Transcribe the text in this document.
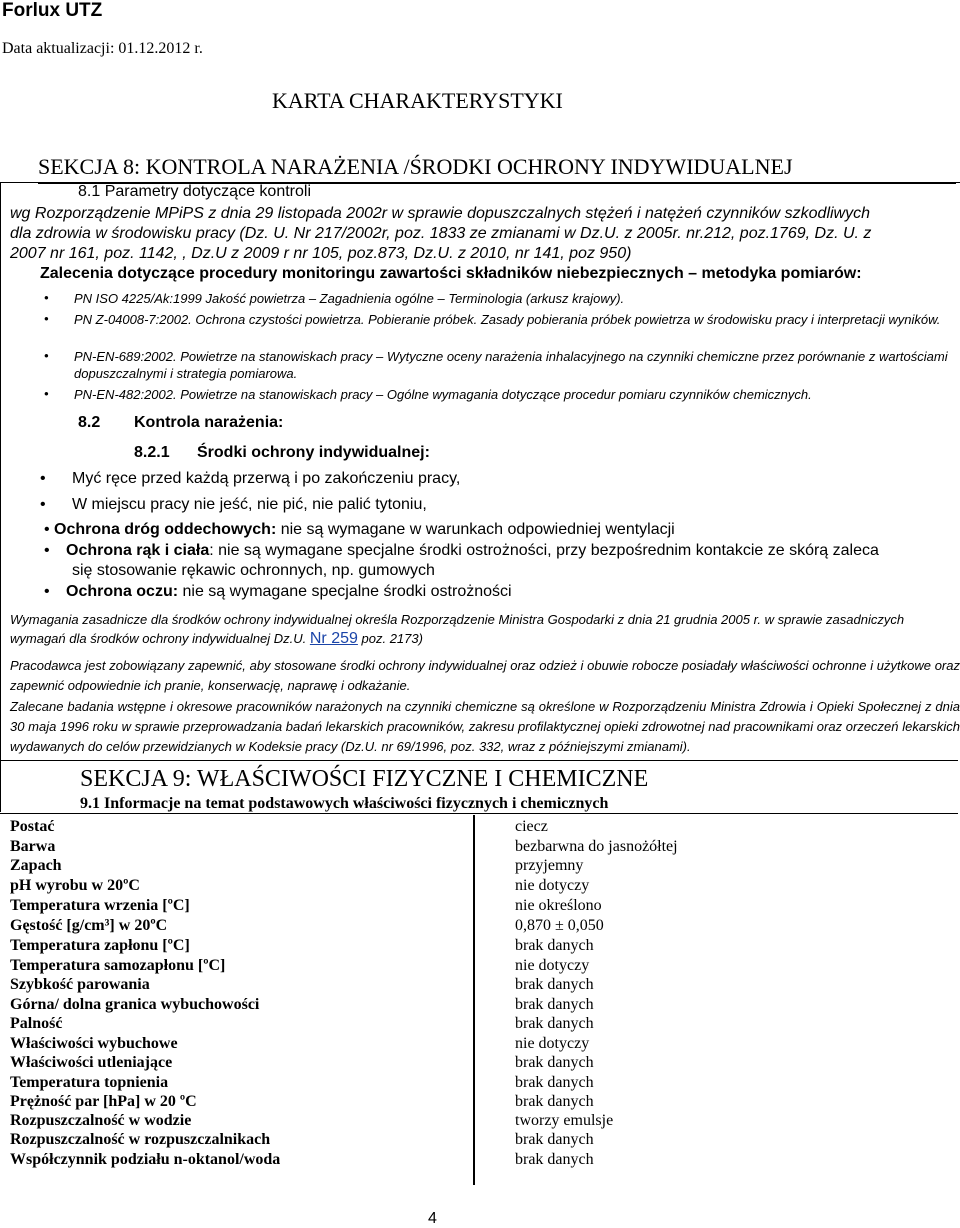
Forlux UTZ
Data aktualizacji: 01.12.2012 r.
KARTA CHARAKTERYSTYKI
SEKCJA 8: KONTROLA NARAŻENIA /ŚRODKI OCHRONY INDYWIDUALNEJ
8.1 Parametry dotyczące kontroli
wg Rozporządzenie MPiPS z dnia 29 listopada 2002r w sprawie dopuszczalnych stężeń i natężeń czynników szkodliwych
dla zdrowia w środowisku pracy (Dz. U. Nr 217/2002r, poz. 1833 ze zmianami w Dz.U. z 2005r. nr.212, poz.1769, Dz. U. z
2007 nr 161, poz. 1142, , Dz.U z 2009 r nr 105, poz.873, Dz.U. z 2010, nr 141, poz 950)
Zalecenia dotyczące procedury monitoringu zawartości składników niebezpiecznych – metodyka pomiarów:
• PN ISO 4225/Ak:1999 Jakość powietrza – Zagadnienia ogólne – Terminologia (arkusz krajowy).
• PN Z-04008-7:2002. Ochrona czystości powietrza. Pobieranie próbek. Zasady pobierania próbek powietrza w środowisku pracy i interpretacji wyników.
• PN-EN-689:2002. Powietrze na stanowiskach pracy – Wytyczne oceny narażenia inhalacyjnego na czynniki chemiczne przez porównanie z wartościami dopuszczalnymi i strategia pomiarowa.
• PN-EN-482:2002. Powietrze na stanowiskach pracy – Ogólne wymagania dotyczące procedur pomiaru czynników chemicznych.
8.2 Kontrola narażenia:
8.2.1 Środki ochrony indywidualnej:
• Myć ręce przed każdą przerwą i po zakończeniu pracy,
• W miejscu pracy nie jeść, nie pić, nie palić tytoniu,
• Ochrona dróg oddechowych: nie są wymagane w warunkach odpowiedniej wentylacji
• Ochrona rąk i ciała: nie są wymagane specjalne środki ostrożności, przy bezpośrednim kontakcie ze skórą zaleca
się stosowanie rękawic ochronnych, np. gumowych
• Ochrona oczu: nie są wymagane specjalne środki ostrożności
Wymagania zasadnicze dla środków ochrony indywidualnej określa Rozporządzenie Ministra Gospodarki z dnia 21 grudnia 2005 r. w sprawie zasadniczych
wymagań dla środków ochrony indywidualnej Dz.U. Nr 259 poz. 2173)
Pracodawca jest zobowiązany zapewnić, aby stosowane środki ochrony indywidualnej oraz odzież i obuwie robocze posiadały właściwości ochronne i użytkowe oraz zapewnić odpowiednie ich pranie, konserwację, naprawę i odkażanie.
Zalecane badania wstępne i okresowe pracowników narażonych na czynniki chemiczne są określone w Rozporządzeniu Ministra Zdrowia i Opieki Społecznej z dnia 30 maja 1996 roku w sprawie przeprowadzania badań lekarskich pracowników, zakresu profilaktycznej opieki zdrowotnej nad pracownikami oraz orzeczeń lekarskich wydawanych do celów przewidzianych w Kodeksie pracy (Dz.U. nr 69/1996, poz. 332, wraz z późniejszymi zmianami).
SEKCJA 9: WŁAŚCIWOŚCI FIZYCZNE I CHEMICZNE
9.1 Informacje na temat podstawowych właściwości fizycznych i chemicznych
Postać	ciecz
Barwa	bezbarwna do jasnożółtej
Zapach	przyjemny
pH wyrobu w 20ºC	nie dotyczy
Temperatura wrzenia [ºC]	nie określono
Gęstość [g/cm³] w 20ºC	0,870 ± 0,050
Temperatura zapłonu [ºC]	brak danych
Temperatura samozapłonu [ºC]	nie dotyczy
Szybkość parowania	brak danych
Górna/ dolna granica wybuchowości	brak danych
Palność	brak danych
Właściwości wybuchowe	nie dotyczy
Właściwości utleniające	brak danych
Temperatura topnienia	brak danych
Prężność par [hPa] w 20 ºC	brak danych
Rozpuszczalność w wodzie	tworzy emulsje
Rozpuszczalność w rozpuszczalnikach	brak danych
Współczynnik podziału n-oktanol/woda	brak danych
4
